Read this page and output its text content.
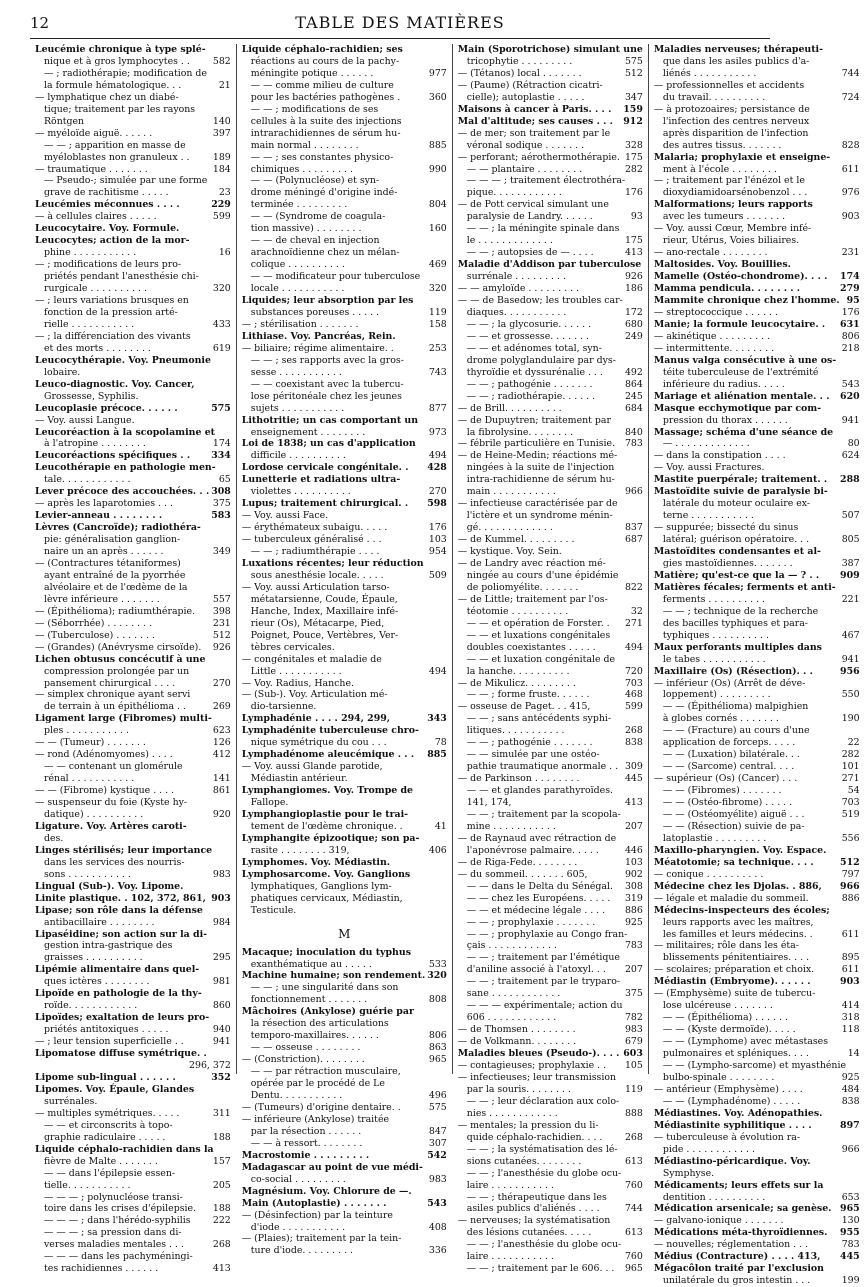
12	TABLE DES MATIÈRES
Leucémie chronique à type splé-
nique et à gros lymphocytes . .	582
— ; radiothérapie; modification de
la formule hématologique. . .	21
— lymphatique chez un diabé-
tique; traitement par les rayons
Röntgen	140
— myéloïde aiguë. . . . . .	397
— — ; apparition en masse de
myéloblastes non granuleux . .	189
— traumatique . . . . . . .	184
— Pseudo-; simulée par une forme
grave de rachitisme . . . . .	23
Leucémies méconnues . . . .	229
— à cellules claires . . . . .	599
Leucocytaire. Voy. Formule.
Leucocytes; action de la mor-
phine . . . . . . . . . . .	16
— ; modifications de leurs pro-
priétés pendant l'anesthésie chi-
rurgicale . . . . . . . . . .	320
— ; leurs variations brusques en
fonction de la pression arté-
rielle . . . . . . . . . . .	433
— ; la différenciation des vivants
et des morts . . . . . . . .	619
Leucocythérapie. Voy. Pneumonie
lobaire.
Leuco-diagnostic. Voy. Cancer,
Grossesse, Syphilis.
Leucoplasie précoce. . . . . .	575
— Voy. aussi Langue.
Leucoréaction à la scopolamine et
à l'atropine . . . . . . . .	174
Leucoréactions spécifiques . .	334
Leucothérapie en pathologie men-
tale. . . . . . . . . . . .	65
Lever précoce des accouchées. . . 308
— après les laparotomies . . .	375
Levier-anneau . . . . . . . .	583
Lèvres (Cancroïde); radiothéra-
pie: généralisation ganglion-
naire un an après . . . . . .	349
— (Contractures tétaniformes)
ayant entraîné de la pyorrhée
alvéolaire et de l'œdème de la
lèvre inférieure . . . . . . .	557
— (Épithélioma); radiumthérapie.	398
— (Séborrhée) . . . . . . . .	231
— (Tuberculose) . . . . . . .	512
— (Grandes) (Anévrysme cirsoïde).	926
Lichen obtusus concécutif à une
compression prolongée par un
pansement chirurgical . . . .	270
— simplex chronique ayant servi
de terrain à un épithélioma . .	269
Ligament large (Fibromes) multi-
ples . . . . . . . . . . .	623
— — (Tumeur) . . . . . . .	126
— rond (Adénomyomes) . . . .	412
— — contenant un glomérule
rénal . . . . . . . . . . .	141
— — (Fibrome) kystique . . . .	861
— suspenseur du foie (Kyste hy-
datique) . . . . . . . . . .	920
Ligature. Voy. Artères caroti-
des.
Linges stérilisés; leur importance
dans les services des nourris-
sons . . . . . . . . . . .	983
Lingual (Sub-). Voy. Lipome.
Linite plastique. . 102, 372, 861, 903
Lipase; son rôle dans la défense
antibacillaire . . . . . . . .	984
Lipaséidine; son action sur la di-
gestion intra-gastrique des
graisses . . . . . . . . . .	295
Lipémie alimentaire dans quel-
ques ictères . . . . . . . .	981
Lipoïde en pathologie de la thy-
roïde. . . . . . . . . . . .	860
Lipoïdes; exaltation de leurs pro-
priétés antitoxiques . . . . .	940
— ; leur tension superficielle . .	941
Lipomatose diffuse symétrique. .
296, 372
Lipome sub-lingual . . . . . .	352
Lipomes. Voy. Épaule, Glandes
surrénales.
— multiples symétriques. . . . .	311
— — et circonscrits à topo-
graphie radiculaire . . . . .	188
Liquide céphalo-rachidien dans la
fièvre de Malte . . . . . . .	157
— — dans l'épilepsie essen-
tielle. . . . . . . . . . .	205
— — — ; polynucléose transi-
toire dans les crises d'épilepsie.	188
— — — ; dans l'hérédo-syphilis	222
— — — ; sa pression dans di-
verses maladies mentales . . .	268
— — — dans les pachyméningi-
tes rachidiennes . . . . . .	413
Liquide céphalo-rachidien; ses
réactions au cours de la pachy-
méningite potique . . . . . .	977
— — comme milieu de culture
pour les bactéries pathogènes .	360
— — ; modifications de ses
cellules à la suite des injections
intrarachidiennes de sérum hu-
main normal . . . . . . . .	885
— — ; ses constantes physico-
chimiques . . . . . . . . .	990
— — (Polynucléose) et syn-
drome méningé d'origine indé-
terminée . . . . . . . . .	804
— — (Syndrome de coagula-
tion massive) . . . . . . . .	160
— — de cheval en injection
arachnoïdienne chez un mélan-
colique . . . . . . . . . .	469
— — modificateur pour tuberculose
locale . . . . . . . . . . .	320
Liquides; leur absorption par les
substances poreuses . . . . .	119
— ; stérilisation . . . . . . .	158
Lithiase. Voy. Pancréas, Rein.
— biliaire; régime alimentaire. .	253
— — ; ses rapports avec la gros-
sesse . . . . . . . . . . .	743
— — coexistant avec la tubercu-
lose péritonéale chez les jeunes
sujets . . . . . . . . . . .	877
Lithotritie; un cas comportant un
enseignement . . . . . . . .	973
Loi de 1838; un cas d'application
difficile . . . . . . . . . .	494
Lordose cervicale congénitale. .	428
Lunetterie et radiations ultra-
violettes . . . . . . . . . .	270
Lupus; traitement chirurgical. .	598
— Voy. aussi Face.
— érythémateux subaigu. . . . .	176
— tuberculeux généralisé . . .	103
— — ; radiumthérapie . . . .	954
Luxations récentes; leur réduction
sous anesthésie locale. . . . .	509
— Voy. aussi Articulation tarso-
métatarsienne, Coude, Épaule,
Hanche, Index, Maxillaire infé-
rieur (Os), Métacarpe, Pied,
Poignet, Pouce, Vertèbres, Ver-
tèbres cervicales.
— congénitales et maladie de
Little . . . . . . . . . . .	494
— Voy. Radius, Hanche.
— (Sub-). Voy. Articulation mé-
dio-tarsienne.
Lymphadénie . . . . 294, 299,	343
Lymphadénite tuberculeuse chro-
nique symétrique du cou . . .	78
Lymphadénome aleucémique . . .	885
— Voy. aussi Glande parotide,
Médiastin antérieur.
Lymphangiomes. Voy. Trompe de
Fallope.
Lymphangioplastie pour le trai-
tement de l'œdème chronique. .	41
Lymphangite épizootique; son pa-
rasite . . . . . . . . 319,	406
Lymphomes. Voy. Médiastin.
Lymphosarcome. Voy. Ganglions
lymphatiques, Ganglions lym-
phatiques cervicaux, Médiastin,
Testicule.
M
Macaque; inoculation du typhus
exanthématique au . . . . .	533
Machine humaine; son rendement. 320
— — ; une singularité dans son
fonctionnement . . . . . . .	808
Mâchoires (Ankylose) guérie par
la résection des articulations
temporo-maxillaires. . . . . .	806
— — osseuse . . . . . . . .	863
— (Constriction). . . . . . . .	965
— — par rétraction musculaire,
opérée par le procédé de Le
Dentu. . . . . . . . . . .	496
— (Tumeurs) d'origine dentaire. .	575
— inférieure (Ankylose) traitée
par la résection . . . . . .	847
— — à ressort. . . . . . . .	307
Macrostomie . . . . . . . . .	542
Madagascar au point de vue médi-
co-social . . . . . . . . .	983
Magnésium. Voy. Chlorure de —.
Main (Autoplastie) . . . . . . .	543
— (Désinfection) par la teinture
d'iode . . . . . . . . . . .	408
— (Plaies); traitement par la tein-
ture d'iode. . . . . . . . .	336
Main (Sporotrichose) simulant une
tricophytie . . . . . . . . .	575
— (Tétanos) local . . . . . . .	512
— (Paume) (Rétraction cicatri-
cielle); autoplastie . . . . .	347
Maisons à cancer à Paris. . . .	159
Mal d'altitude; ses causes . . .	912
— de mer; son traitement par le
véronal sodique . . . . . . .	328
— perforant; aérothermothérapie. 175
— — plantaire . . . . . . . .	282
— — — ; traitement électrothéra-
pique. . . . . . . . . . . .	176
— de Pott cervical simulant une
paralysie de Landry. . . . . .	93
— — ; la méningite spinale dans
le . . . . . . . . . . . . .	175
— — ; autopsies de — . . . .	413
Maladie d'Addison par tuberculose
surrénale . . . . . . . . .	926
— — amyloïde . . . . . . . . .	186
— — de Basedow; les troubles car-
diaques. . . . . . . . . . .	172
— — ; la glycosurie. . . . . .	680
— — et grossesse. . . . . . .	249
— — et adénomes total, syn-
drome polyglandulaire par dys-
thyroïdie et dyssurénalie . . .	492
— — ; pathogénie . . . . . . .	864
— — ; radiothérapie. . . . . .	245
— de Brill. . . . . . . . . .	684
— de Dupuytren; traitement par
la fibrolysine. . . . . . . .	840
— fébrile particulière en Tunisie.	783
— de Heine-Medin; réactions mé-
ningées à la suite de l'injection
intra-rachidienne de sérum hu-
main . . . . . . . . . . .	966
— infectieuse caractérisée par de
l'ictère et un syndrome ménin-
gé. . . . . . . . . . . . .	837
— de Kummel. . . . . . . . .	687
— kystique. Voy. Sein.
— de Landry avec réaction mé-
ningée au cours d'une épidémie
de poliomyélite. . . . . . .	822
— de Little; traitement par l'os-
téotomie . . . . . . . . . .	32
— — et opération de Forster. .	271
— — et luxations congénitales
doubles coexistantes . . . . .	494
— — et luxation congénitale de
la hanche. . . . . . . . . .	720
— de Mikulicz. . . . . . . . .	703
— — ; forme fruste. . . . . .	468
— osseuse de Paget. . . 415,	599
— — ; sans antécédents syphi-
litiques. . . . . . . . . . .	268
— — ; pathogénie . . . . . . .	838
— — simulée par une ostéo-
pathie traumatique anormale . . 309
— de Parkinson . . . . . . . .	445
— — et glandes parathyroïdes.
141, 174,	413
— — ; traitement par la scopola-
mine . . . . . . . . . . .	207
— de Raynaud avec rétraction de
l'aponévrose palmaire. . . . .	446
— de Riga-Fede. . . . . . . .	103
— du sommeil. . . . . . . 605,	902
— — dans le Delta du Sénégal.	308
— — chez les Européens. . . . .	319
— — et médecine légale . . . .	886
— — ; prophylaxie . . . . . . .	925
— — ; prophylaxie au Congo fran-
çais . . . . . . . . . . . .	783
— — ; traitement par l'émétique
d'aniline associé à l'atoxyl. . .	207
— — ; traitement par le tryparo-
sane . . . . . . . . . . . .	375
— — — expérimentale; action du
606 . . . . . . . . . . . .	782
— de Thomsen . . . . . . . .	983
— de Volkmann. . . . . . . .	679
Maladies bleues (Pseudo-). . . . 603
— contagieuses; prophylaxie . .	105
— infectieuses; leur transmission
par la souris. . . . . . . .	119
— — ; leur déclaration aux colo-
nies . . . . . . . . . . . .	888
— mentales; la pression du li-
quide céphalo-rachidien. . . .	268
— — ; la systématisation des lé-
sions cutanées. . . . . . . .	613
— — ; l'anesthésie du globe ocu-
laire . . . . . . . . . . .	760
— — ; thérapeutique dans les
asiles publics d'aliénés . . . .	744
— nerveuses; la systématisation
des lésions cutanées. . . . .	613
— — ; l'anesthésie du globe ocu-
laire . . . . . . . . . . .	760
— — ; traitement par le 606. . .	965
Maladies nerveuses; thérapeuti-
que dans les asiles publics d'a-
liénés . . . . . . . . . . .	744
— professionnelles et accidents
du travail. . . . . . . . . .	724
— à protozoaires; persistance de
l'infection des centres nerveux
après disparition de l'infection
des autres tissus. . . . . . .	828
Malaria; prophylaxie et enseigne-
ment à l'école . . . . . . . .	611
— ; traitement par l'énézol et le
dioxydiamidoarsénobenzol . . .	976
Malformations; leurs rapports
avec les tumeurs . . . . . . .	903
— Voy. aussi Cœur, Membre infé-
rieur, Utérus, Voies biliaires.
— ano-rectale . . . . . . . .	231
Maltosides. Voy. Bouillies.
Mamelle (Ostéo-chondrome). . . .	174
Mamma pendicula. . . . . . . .	279
Mammite chronique chez l'homme. 95
— streptococcique . . . . . .	176
Manie; la formule leucocytaire. .	631
— akinétique . . . . . . . . .	806
— intermittente. . . . . . . .	218
Manus valga consécutive à une os-
téite tuberculeuse de l'extrémité
inférieure du radius. . . . .	543
Mariage et aliénation mentale. . .	620
Masque ecchymotique par com-
pression du thorax . . . . . .	941
Massage; schéma d'une séance de
— . . . . . . . . . . . . .	80
— dans la constipation . . . .	624
— Voy. aussi Fractures.
Mastite puerpérale; traitement. .	288
Mastoïdite suivie de paralysie bi-
latérale du moteur oculaire ex-
terne . . . . . . . . . . .	507
— suppurée; bissecté du sinus
latéral; guérison opératoire. . .	805
Mastoïdites condensantes et al-
gies mastoïdiennes. . . . . . .	387
Matière; qu'est-ce que la — ? . .	909
Matières fécales; ferments et anti-
ferments . . . . . . . . . .	221
— — ; technique de la recherche
des bacilles typhiques et para-
typhiques . . . . . . . . . .	467
Maux perforants multiples dans
le tabes . . . . . . . . . . .	941
Maxillaire (Os) (Résection). . .	956
— inférieur (Os) (Arrêt de déve-
loppement) . . . . . . . . .	550
— — (Épithélioma) malpighien
à globes cornés . . . . . . .	190
— — (Fracture) au cours d'une
application de forceps. . . . .	22
— — (Luxation) bilatérale. . .	282
— — (Sarcome) central. . . .	101
— supérieur (Os) (Cancer) . . .	271
— — (Fibromes) . . . . . . .	54
— — (Ostéo-fibrome) . . . . .	703
— — (Ostéomyélite) aiguë . . .	519
— — (Résection) suivie de pa-
latoplastie . . . . . . . . .	556
Maxillo-pharyngien. Voy. Espace.
Méatotomie; sa technique. . . .	512
— conique . . . . . . . . . .	797
Médecine chez les Djolas. . 886,	966
— légale et maladie du sommeil.	886
Médecins-inspecteurs des écoles;
leurs rapports avec les maîtres,
les familles et leurs médecins. .	611
— militaires; rôle dans les éta-
blissements pénitentiaires. . . .	895
— scolaires; préparation et choix.	611
Médiastin (Embryome). . . . . .	903
— (Emphysème) suite de tubercu-
lose ulcéreuse . . . . . . .	414
— — (Épithélioma) . . . . . .	318
— — (Kyste dermoïde). . . . .	118
— — (Lymphome) avec métastases
pulmonaires et spléniques. . . .	14
— — (Lympho-sarcome) et myasthénie
bulbo-spinale . . . . . . . .	925
— antérieur (Emphysème) . . . .	484
— — (Lymphadénome) . . . . .	838
Médiastines. Voy. Adénopathies.
Médiastinite syphilitique . . . .	897
— tuberculeuse à évolution ra-
pide . . . . . . . . . . . .	966
Médiastino-péricardique. Voy.
Symphyse.
Médicaments; leurs effets sur la
dentition . . . . . . . . . .	653
Médication arsenicale; sa genèse. 965
— galvano-ionique . . . . . . .	130
Médications méta-thyroïdiennes.	955
— nouvelles; réglementation . . .	783
Médius (Contracture) . . . . 413,	445
Mégacôlon traité par l'exclusion
unilatérale du gros intestin . . .	199
